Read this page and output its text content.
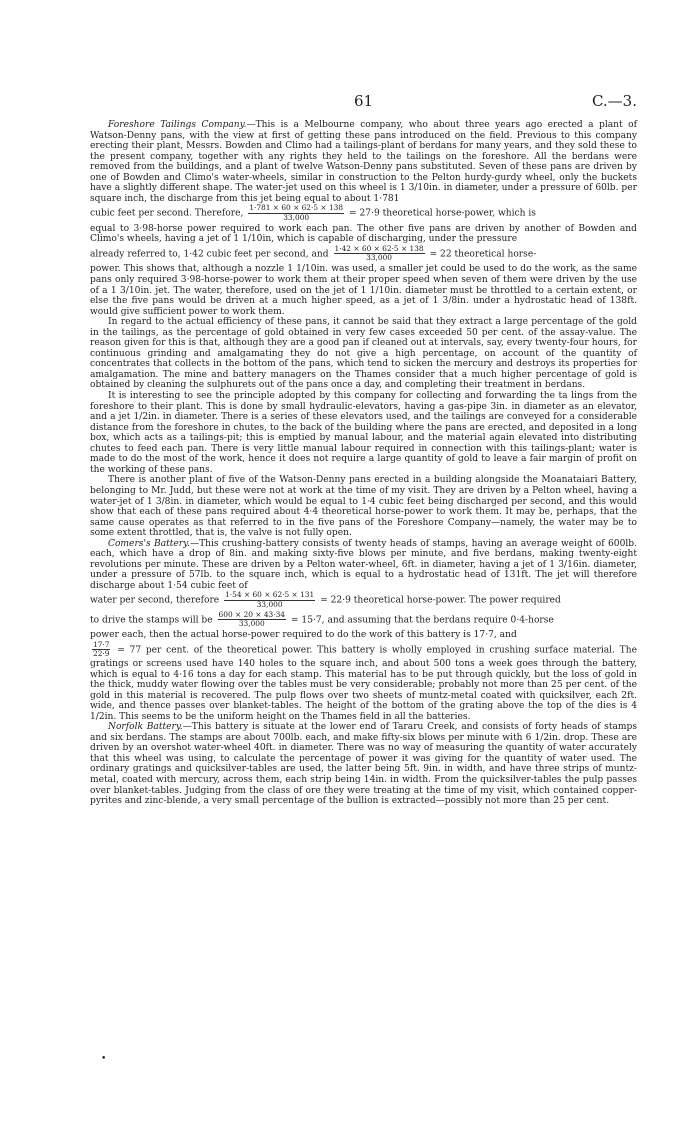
61	C.—3.

Foreshore Tailings Company.—This is a Melbourne company, who about three years ago erected a plant of Watson-Denny pans, with the view at first of getting these pans introduced on the field. Previous to this company erecting their plant, Messrs. Bowden and Climo had a tailings-plant of berdans for many years, and they sold these to the present company, together with any rights they held to the tailings on the foreshore. All the berdans were removed from the buildings, and a plant of twelve Watson-Denny pans substituted. Seven of these pans are driven by one of Bowden and Climo's water-wheels, similar in construction to the Pelton hurdy-gurdy wheel, only the buckets have a slightly different shape. The water-jet used on this wheel is 1 3/10in. in diameter, under a pressure of 60lb. per square inch, the discharge from this jet being equal to about 1·781

cubic feet per second. Therefore, $\frac{1\cdot 781 \times 60 \times 62\cdot 5 \times 138}{33,000} = 27\cdot 9$ theoretical horse-power, which is

equal to 3·98-horse power required to work each pan. The other five pans are driven by another of Bowden and Climo's wheels, having a jet of 1 1/10in, which is capable of discharging, under the pressure

already referred to, 1·42 cubic feet per second, and $\frac{1\cdot 42 \times 60 \times 62\cdot 5 \times 138}{33,000} = 22$ theoretical horse-

power. This shows that, although a nozzle 1 1/10in. was used, a smaller jet could be used to do the work, as the same pans only required 3·98-horse-power to work them at their proper speed when seven of them were driven by the use of a 1 3/10in. jet. The water, therefore, used on the jet of 1 1/10in. diameter must be throttled to a certain extent, or else the five pans would be driven at a much higher speed, as a jet of 1 3/8in. under a hydrostatic head of 138ft. would give sufficient power to work them.

In regard to the actual efficiency of these pans, it cannot be said that they extract a large percentage of the gold in the tailings, as the percentage of gold obtained in very few cases exceeded 50 per cent. of the assay-value. The reason given for this is that, although they are a good pan if cleaned out at intervals, say, every twenty-four hours, for continuous grinding and amalgamating they do not give a high percentage, on account of the quantity of concentrates that collects in the bottom of the pans, which tend to sicken the mercury and destroys its properties for amalgamation. The mine and battery managers on the Thames consider that a much higher percentage of gold is obtained by cleaning the sulphurets out of the pans once a day, and completing their treatment in berdans.

It is interesting to see the principle adopted by this company for collecting and forwarding the ta lings from the foreshore to their plant. This is done by small hydraulic-elevators, having a gas-pipe 3in. in diameter as an elevator, and a jet 1/2in. in diameter. There is a series of these elevators used, and the tailings are conveyed for a considerable distance from the foreshore in chutes, to the back of the building where the pans are erected, and deposited in a long box, which acts as a tailings-pit; this is emptied by manual labour, and the material again elevated into distributing chutes to feed each pan. There is very little manual labour required in connection with this tailings-plant; water is made to do the most of the work, hence it does not require a large quantity of gold to leave a fair margin of profit on the working of these pans.

There is another plant of five of the Watson-Denny pans erected in a building alongside the Moanataiari Battery, belonging to Mr. Judd, but these were not at work at the time of my visit. They are driven by a Pelton wheel, having a water-jet of 1 3/8in. in diameter, which would be equal to 1·4 cubic feet being discharged per second, and this would show that each of these pans required about 4·4 theoretical horse-power to work them. It may be, perhaps, that the same cause operates as that referred to in the five pans of the Foreshore Company—namely, the water may be to some extent throttled, that is, the valve is not fully open.

Comers's Battery.—This crushing-battery consists of twenty heads of stamps, having an average weight of 600lb. each, which have a drop of 8in. and making sixty-five blows per minute, and five berdans, making twenty-eight revolutions per minute. These are driven by a Pelton water-wheel, 6ft. in diameter, having a jet of 1 3/16in. diameter, under a pressure of 57lb. to the square inch, which is equal to a hydrostatic head of 131ft. The jet will therefore discharge about 1·54 cubic feet of

water per second, therefore $\frac{1\cdot 54 \times 60 \times 62\cdot 5 \times 131}{33,000} = 22\cdot 9$ theoretical horse-power. The power required

to drive the stamps will be $\frac{600 \times 20 \times 43\cdot 34}{33,000} = 15\cdot 7$, and assuming that the berdans require 0·4-horse

power each, then the actual horse-power required to do the work of this battery is 17·7, and

$\frac{17\cdot 7}{22\cdot 9} = 77$ per cent. of the theoretical power. This battery is wholly employed in crushing surface material. The gratings or screens used have 140 holes to the square inch, and about 500 tons a week goes through the battery, which is equal to 4·16 tons a day for each stamp. This material has to be put through quickly, but the loss of gold in the thick, muddy water flowing over the tables must be very considerable; probably not more than 25 per cent. of the gold in this material is recovered. The pulp flows over two sheets of muntz-metal coated with quicksilver, each 2ft. wide, and thence passes over blanket-tables. The height of the bottom of the grating above the top of the dies is 4 1/2in. This seems to be the uniform height on the Thames field in all the batteries.

Norfolk Battery.—This battery is situate at the lower end of Tararu Creek, and consists of forty heads of stamps and six berdans. The stamps are about 700lb. each, and make fifty-six blows per minute with 6 1/2in. drop. These are driven by an overshot water-wheel 40ft. in diameter. There was no way of measuring the quantity of water accurately that this wheel was using, to calculate the percentage of power it was giving for the quantity of water used. The ordinary gratings and quicksilver-tables are used, the latter being 5ft. 9in. in width, and have three strips of muntz-metal, coated with mercury, across them, each strip being 14in. in width. From the quicksilver-tables the pulp passes over blanket-tables. Judging from the class of ore they were treating at the time of my visit, which contained copper-pyrites and zinc-blende, a very small percentage of the bullion is extracted—possibly not more than 25 per cent.

•
